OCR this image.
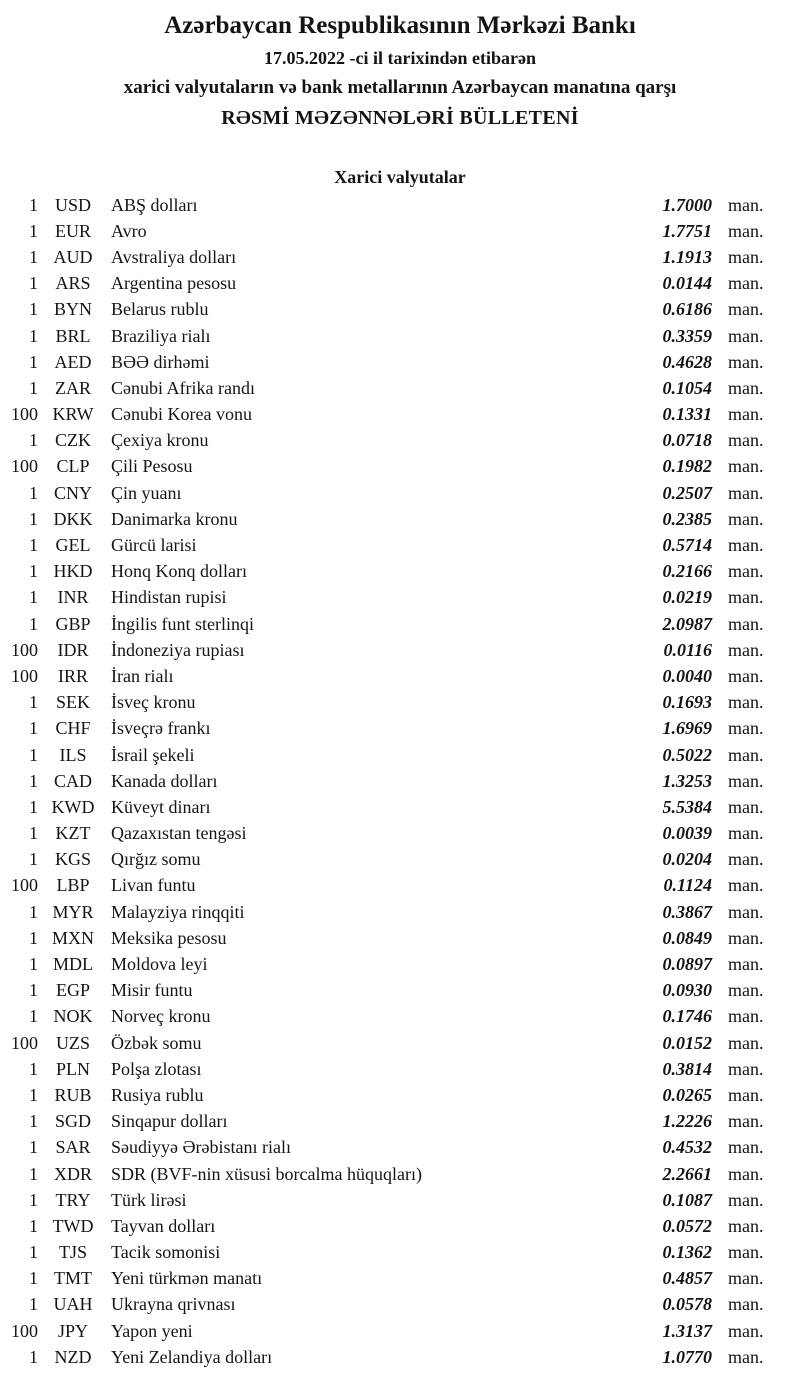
Azərbaycan Respublikasının Mərkəzi Bankı
17.05.2022 -ci il tarixindən etibarən
xarici valyutaların və bank metallarının Azərbaycan manatına qarşı
RƏSMİ MƏZƏNNƏLƏRİ BÜLLETENİ
Xarici valyutalar
1 USD	ABŞ dolları	1.7000 man.
1 EUR	Avro	1.7751 man.
1 AUD	Avstraliya dolları	1.1913 man.
1 ARS	Argentina pesosu	0.0144 man.
1 BYN	Belarus rublu	0.6186 man.
1 BRL	Braziliya rialı	0.3359 man.
1 AED	BƏƏ dirhəmi	0.4628 man.
1 ZAR	Cənubi Afrika randı	0.1054 man.
100 KRW Cənubi Korea vonu	0.1331 man.
1 CZK	Çexiya kronu	0.0718 man.
100	CLP	Çili Pesosu	0.1982 man.
1 CNY	Çin yuanı	0.2507 man.
1 DKK	Danimarka kronu	0.2385 man.
1 GEL	Gürcü larisi	0.5714 man.
1 HKD	Honq Konq dolları	0.2166 man.
1	INR	Hindistan rupisi	0.0219 man.
1 GBP	İngilis funt sterlinqi	2.0987 man.
100	IDR	İndoneziya rupiası	0.0116 man.
100	IRR	İran rialı	0.0040 man.
1 SEK	İsveç kronu	0.1693 man.
1 CHF	İsveçrə frankı	1.6969 man.
1	ILS	İsrail şekeli	0.5022 man.
1 CAD	Kanada dolları	1.3253 man.
1 KWD Küveyt dinarı	5.5384 man.
1 KZT	Qazaxıstan tengəsi	0.0039 man.
1 KGS	Qırğız somu	0.0204 man.
100	LBP	Livan funtu	0.1124 man.
1 MYR Malayziya rinqqiti	0.3867 man.
1 MXN Meksika pesosu	0.0849 man.
1 MDL	Moldova leyi	0.0897 man.
1 EGP	Misir funtu	0.0930 man.
1 NOK	Norveç kronu	0.1746 man.
100 UZS	Özbək somu	0.0152 man.
1 PLN	Polşa zlotası	0.3814 man.
1 RUB	Rusiya rublu	0.0265 man.
1 SGD	Sinqapur dolları	1.2226 man.
1 SAR	Səudiyyə Ərəbistanı rialı	0.4532 man.
1 XDR	SDR (BVF-nin xüsusi borcalma hüquqları)	2.2661 man.
1 TRY	Türk lirəsi	0.1087 man.
1 TWD Tayvan dolları	0.0572 man.
1	TJS	Tacik somonisi	0.1362 man.
1 TMT	Yeni türkmən manatı	0.4857 man.
1 UAH	Ukrayna qrivnası	0.0578 man.
100	JPY	Yapon yeni	1.3137 man.
1 NZD	Yeni Zelandiya dolları	1.0770 man.
